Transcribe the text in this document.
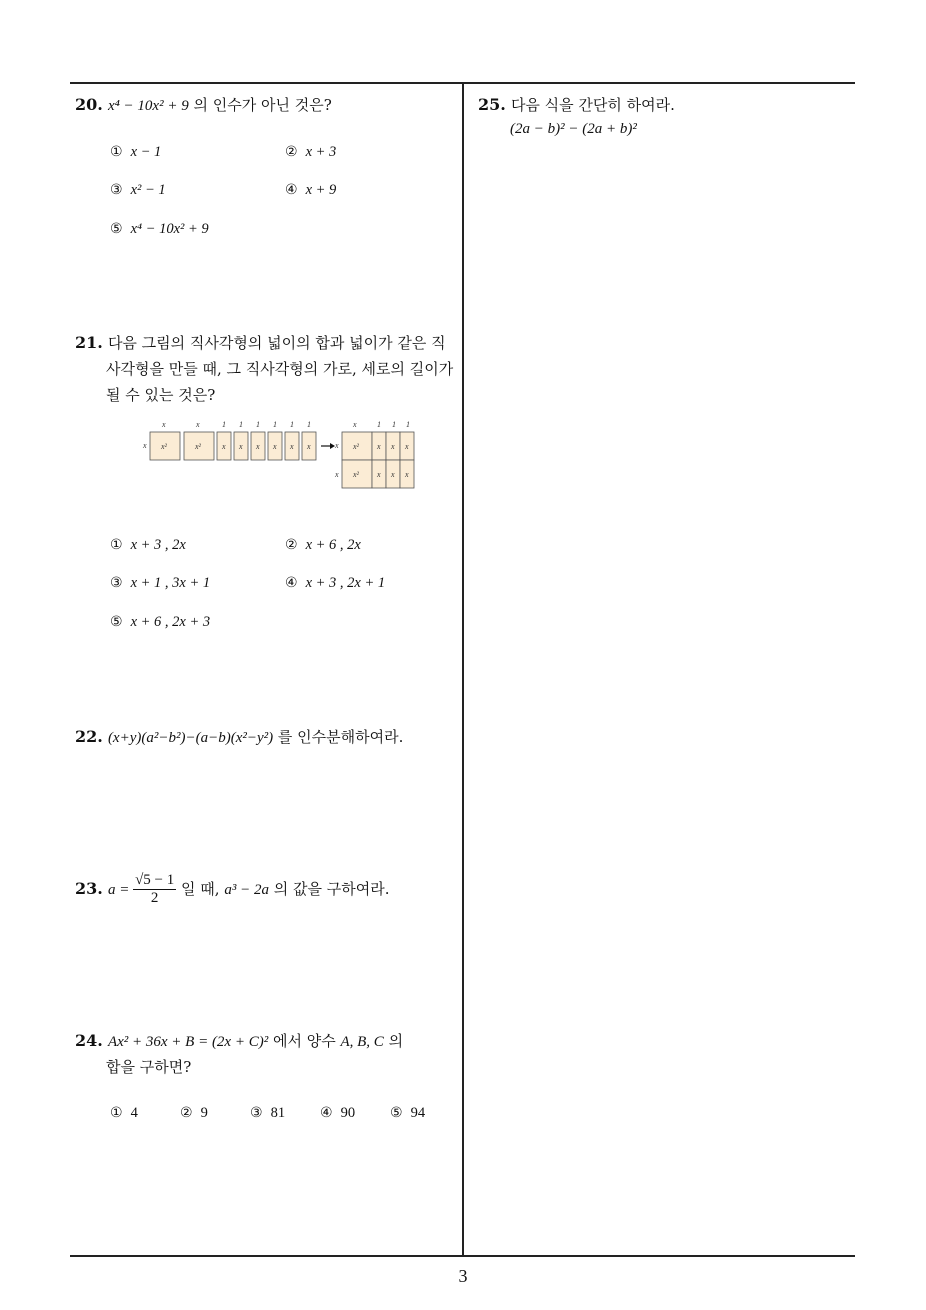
20. x⁴ − 10x² + 9 의 인수가 아닌 것은?
① x − 1	② x + 3
③ x² − 1	④ x + 9
⑤ x⁴ − 10x² + 9
21. 다음 그림의 직사각형의 넓이의 합과 넓이가 같은 직
사각형을 만들 때, 그 직사각형의 가로, 세로의 길이가
될 수 있는 것은?
x
x	x	1 1 1 1 1 1
x²	x²	x x x x x x
x	1 1 1
x
x
x² x x x
x² x x x
① x + 3 , 2x	② x + 6 , 2x
③ x + 1 , 3x + 1	④ x + 3 , 2x + 1
⑤ x + 6 , 2x + 3
22. (x+y)(a²−b²)−(a−b)(x²−y²) 를 인수분해하여라.
23. $a = \frac{√5 - 1}{2}$ 일 때, a³ − 2a 의 값을 구하여라.
24. Ax² + 36x + B = (2x + C)² 에서 양수 A, B, C 의
합을 구하면?
① 4	② 9	③ 81 ④ 90 ⑤ 94
25. 다음 식을 간단히 하여라.
(2a − b)² − (2a + b)²
3
